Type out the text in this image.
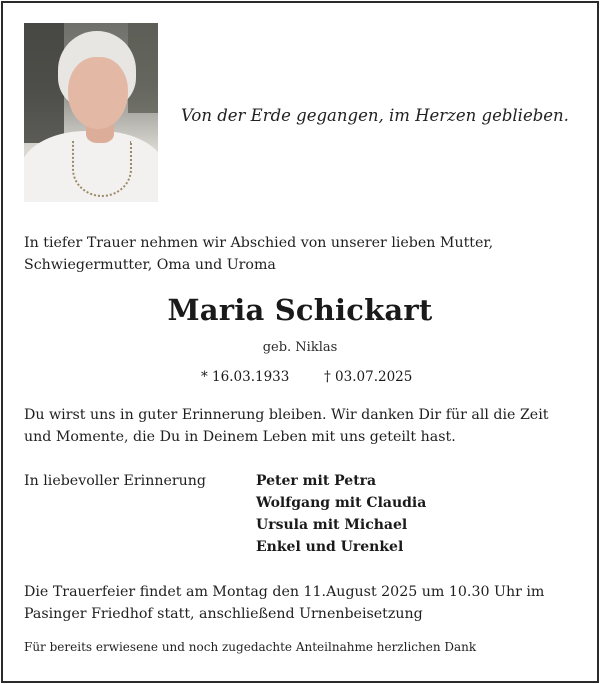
Von der Erde gegangen, im Herzen geblieben.
In tiefer Trauer nehmen wir Abschied von unserer lieben Mutter, Schwiegermutter, Oma und Uroma
Maria Schickart
geb. Niklas
* 16.03.1933	† 03.07.2025
Du wirst uns in guter Erinnerung bleiben. Wir danken Dir für all die Zeit und Momente, die Du in Deinem Leben mit uns geteilt hast.
In liebevoller Erinnerung	Peter mit Petra
Wolfgang mit Claudia
Ursula mit Michael
Enkel und Urenkel
Die Trauerfeier findet am Montag den 11.August 2025 um 10.30 Uhr im Pasinger Friedhof statt, anschließend Urnenbeisetzung
Für bereits erwiesene und noch zugedachte Anteilnahme herzlichen Dank
